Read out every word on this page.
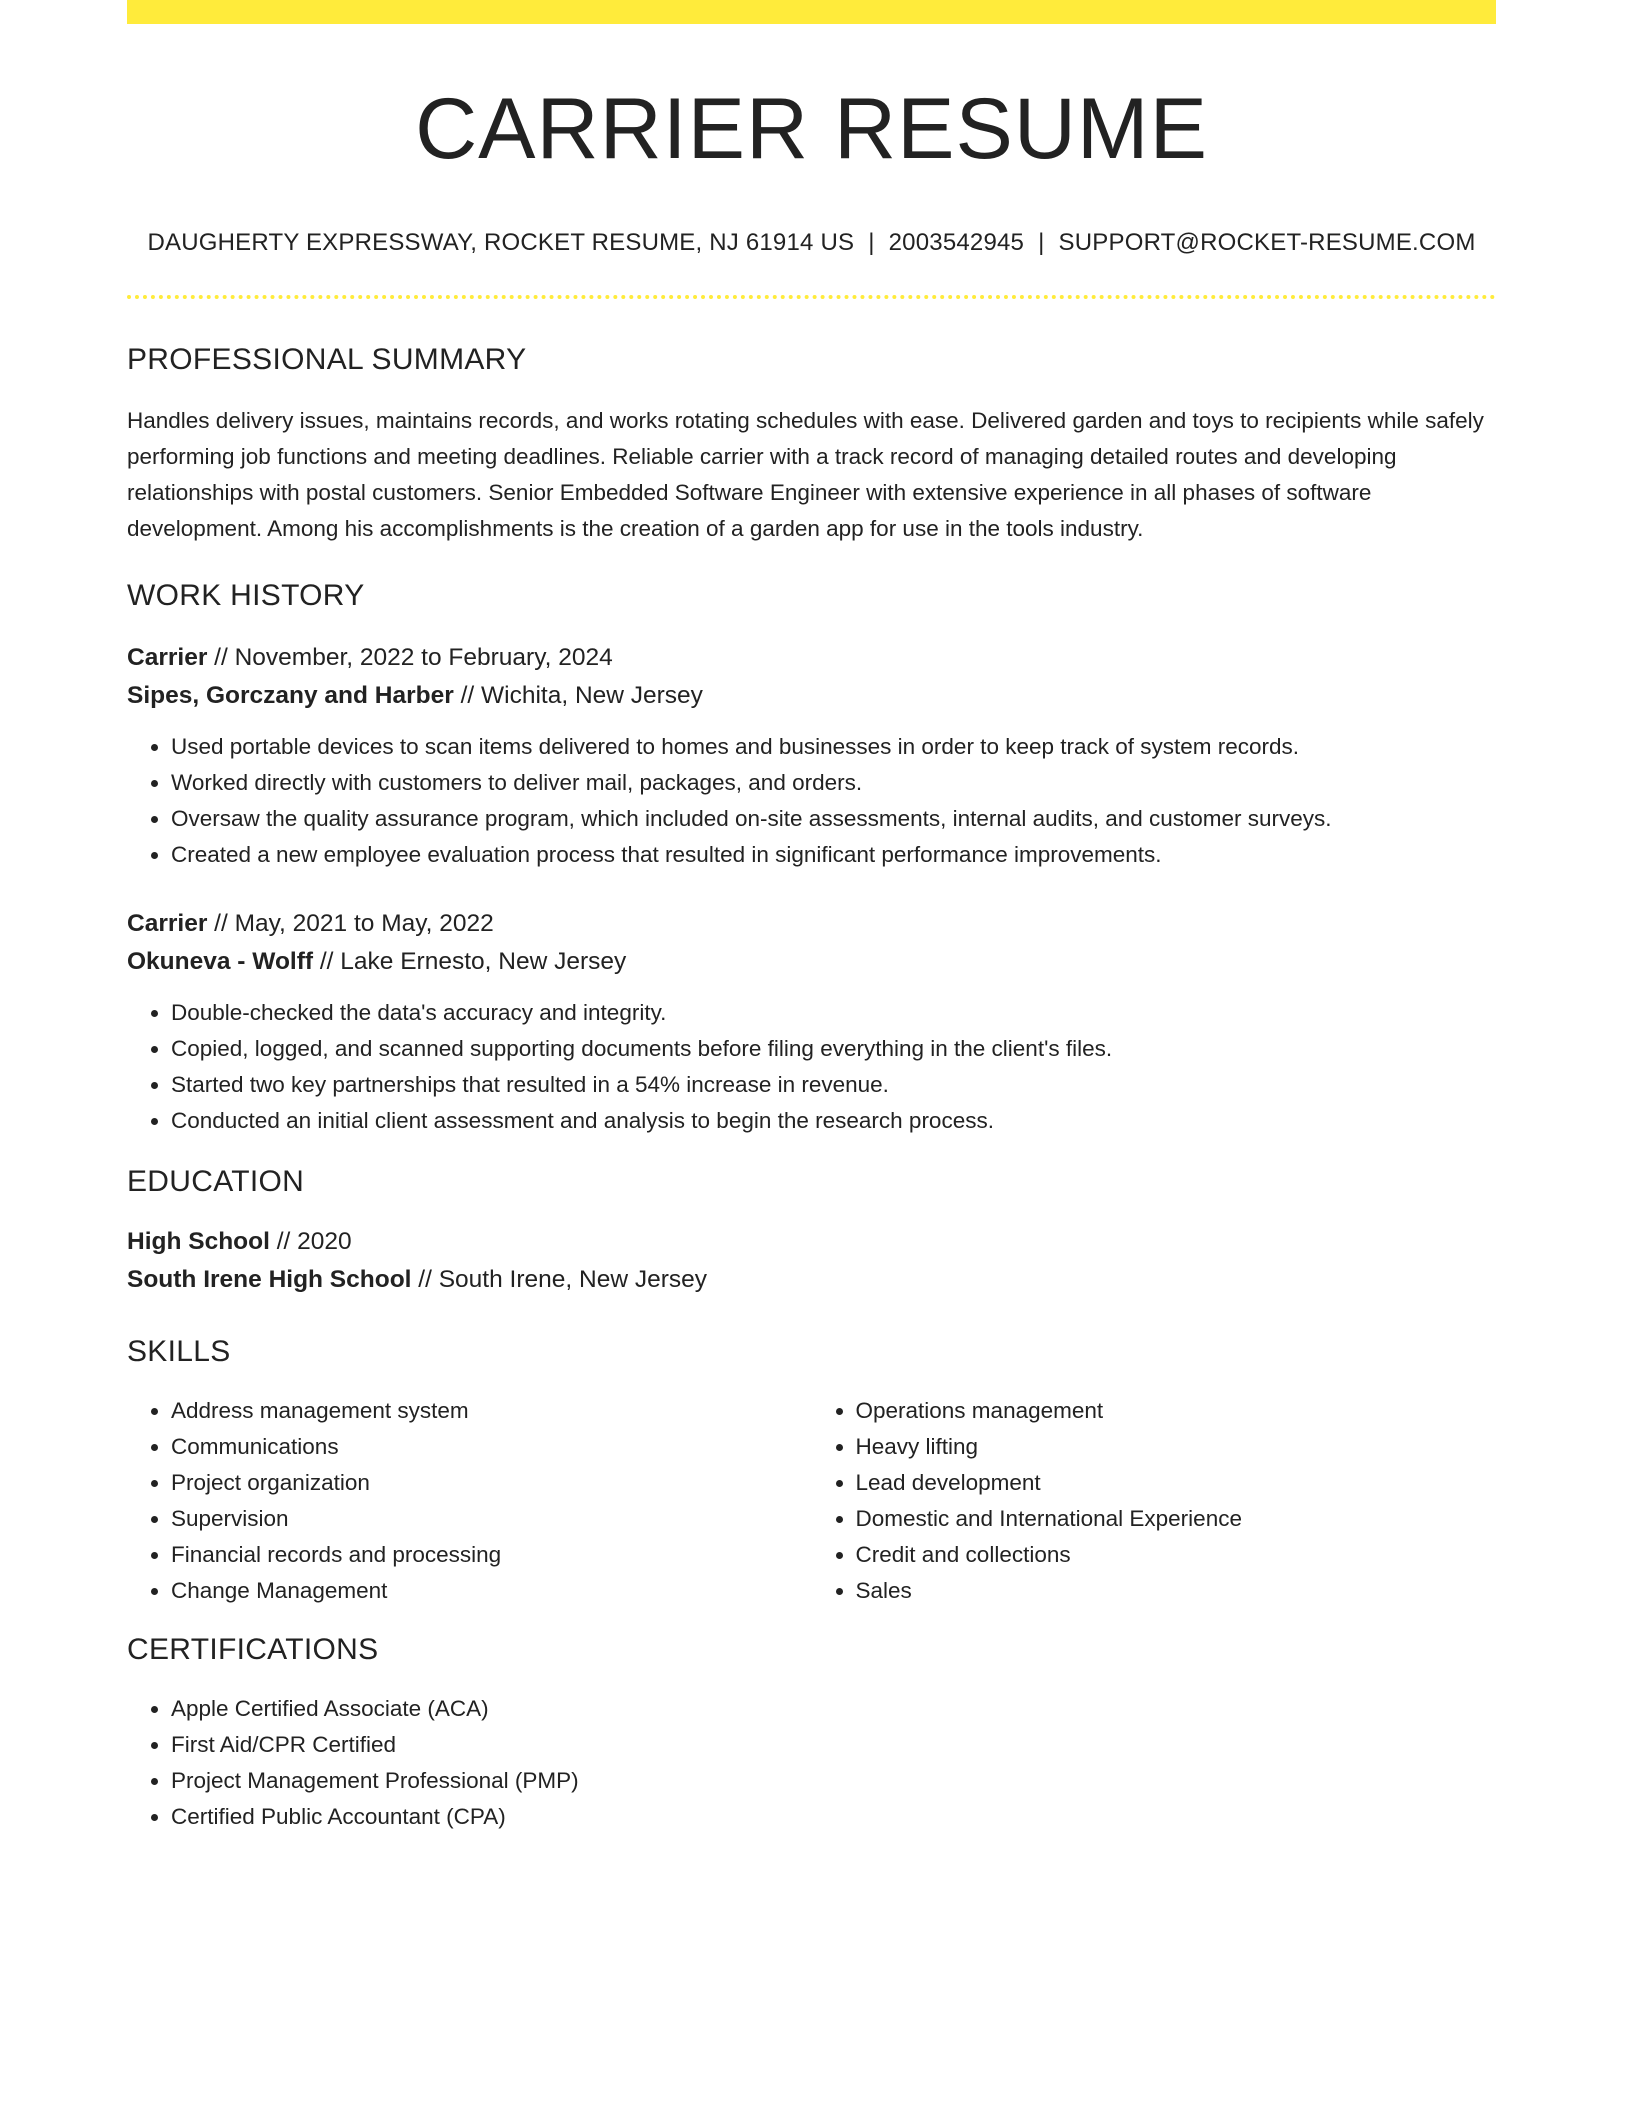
CARRIER RESUME
DAUGHERTY EXPRESSWAY, ROCKET RESUME, NJ 61914 US | 2003542945 | SUPPORT@ROCKET-RESUME.COM
PROFESSIONAL SUMMARY

Handles delivery issues, maintains records, and works rotating schedules with ease. Delivered garden and toys to recipients while safely performing job functions and meeting deadlines. Reliable carrier with a track record of managing detailed routes and developing relationships with postal customers. Senior Embedded Software Engineer with extensive experience in all phases of software development. Among his accomplishments is the creation of a garden app for use in the tools industry.

WORK HISTORY
Carrier // November, 2022 to February, 2024
Sipes, Gorczany and Harber // Wichita, New Jersey
• Used portable devices to scan items delivered to homes and businesses in order to keep track of system records.
• Worked directly with customers to deliver mail, packages, and orders.
• Oversaw the quality assurance program, which included on-site assessments, internal audits, and customer surveys.
• Created a new employee evaluation process that resulted in significant performance improvements.
Carrier // May, 2021 to May, 2022
Okuneva - Wolff // Lake Ernesto, New Jersey
• Double-checked the data's accuracy and integrity.
• Copied, logged, and scanned supporting documents before filing everything in the client's files.
• Started two key partnerships that resulted in a 54% increase in revenue.
• Conducted an initial client assessment and analysis to begin the research process.
EDUCATION
High School // 2020
South Irene High School // South Irene, New Jersey
SKILLS
• Address management system
• Communications
• Project organization
• Supervision
• Financial records and processing
• Change Management
• Operations management
• Heavy lifting
• Lead development
• Domestic and International Experience
• Credit and collections
• Sales
CERTIFICATIONS
• Apple Certified Associate (ACA)
• First Aid/CPR Certified
• Project Management Professional (PMP)
• Certified Public Accountant (CPA)
